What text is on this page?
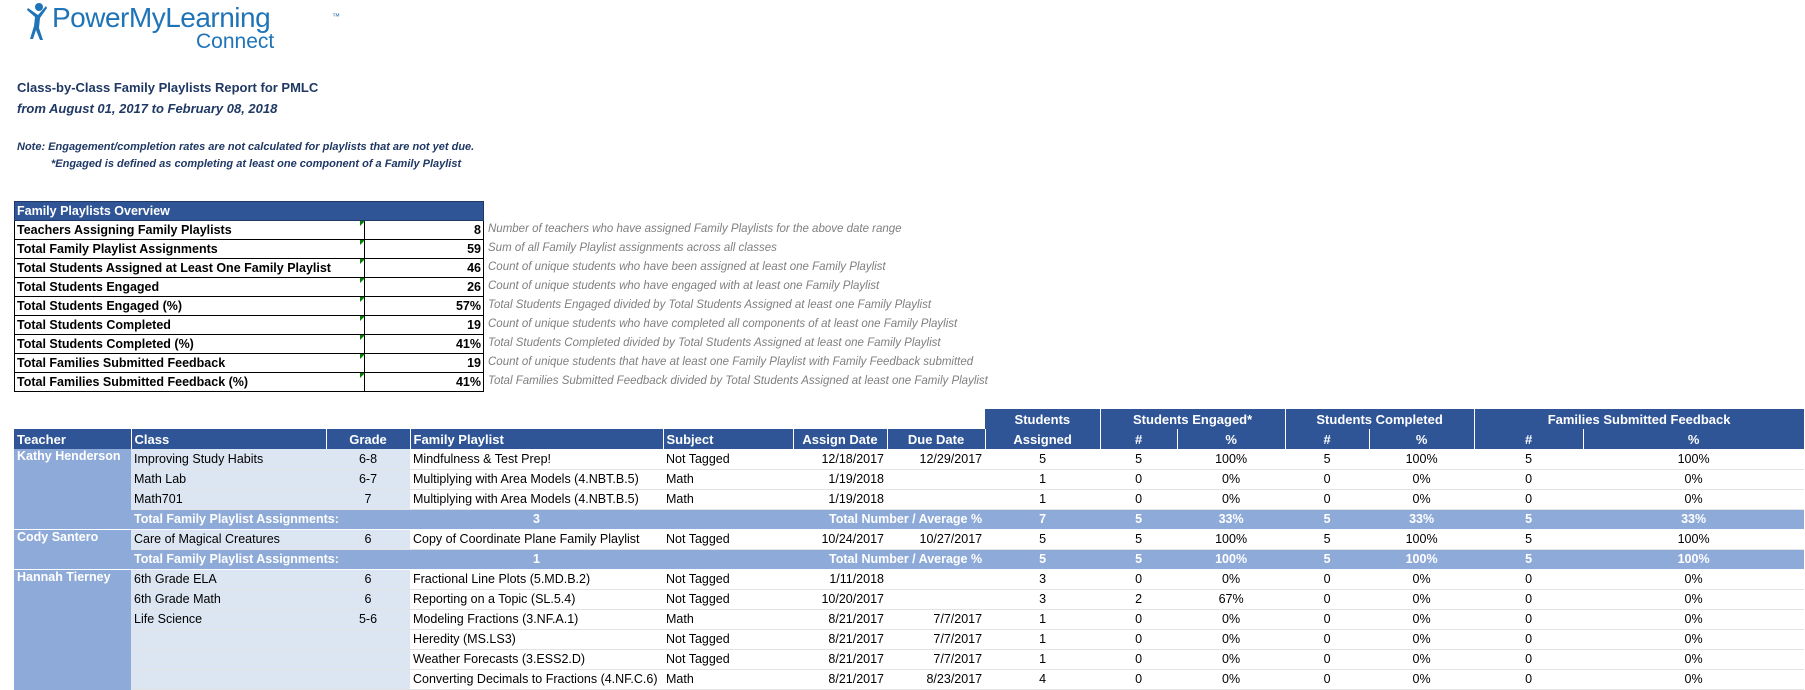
PowerMyLearning
Connect
™
Class-by-Class Family Playlists Report for PMLC
from August 01, 2017 to February 08, 2018
Note: Engagement/completion rates are not calculated for playlists that are not yet due.
*Engaged is defined as completing at least one component of a Family Playlist
Family Playlists Overview	
Teachers Assigning Family Playlists	8
Total Family Playlist Assignments	59
Total Students Assigned at Least One Family Playlist	46
Total Students Engaged	26
Total Students Engaged (%)	57%
Total Students Completed	19
Total Students Completed (%)	41%
Total Families Submitted Feedback	19
Total Families Submitted Feedback (%)	41%
Number of teachers who have assigned Family Playlists for the above date range
Sum of all Family Playlist assignments across all classes
Count of unique students who have been assigned at least one Family Playlist
Count of unique students who have engaged with at least one Family Playlist
Total Students Engaged divided by Total Students Assigned at least one Family Playlist
Count of unique students who have completed all components of at least one Family Playlist
Total Students Completed divided by Total Students Assigned at least one Family Playlist
Count of unique students that have at least one Family Playlist with Family Feedback submitted
Total Families Submitted Feedback divided by Total Students Assigned at least one Family Playlist
							Students	Students Engaged*		Students Completed		Families Submitted Feedback	
Teacher	Class	Grade	Family Playlist	Subject	Assign Date	Due Date	Assigned	#	%	#	%	#	%
Kathy Henderson	Improving Study Habits	6-8	Mindfulness & Test Prep!	Not Tagged	12/18/2017	12/29/2017	5	5	100%	5	100%	5	100%
	Math Lab	6-7	Multiplying with Area Models (4.NBT.B.5)	Math	1/19/2018		1	0	0%	0	0%	0	0%
	Math701	7	Multiplying with Area Models (4.NBT.B.5)	Math	1/19/2018		1	0	0%	0	0%	0	0%
	Total Family Playlist Assignments:		3		Total Number / Average %		7	5	33%	5	33%	5	33%
Cody Santero	Care of Magical Creatures	6	Copy of Coordinate Plane Family Playlist	Not Tagged	10/24/2017	10/27/2017	5	5	100%	5	100%	5	100%
	Total Family Playlist Assignments:		1		Total Number / Average %		5	5	100%	5	100%	5	100%
Hannah Tierney	6th Grade ELA	6	Fractional Line Plots (5.MD.B.2)	Not Tagged	1/11/2018		3	0	0%	0	0%	0	0%
	6th Grade Math	6	Reporting on a Topic (SL.5.4)	Not Tagged	10/20/2017		3	2	67%	0	0%	0	0%
	Life Science	5-6	Modeling Fractions (3.NF.A.1)	Math	8/21/2017	7/7/2017	1	0	0%	0	0%	0	0%
			Heredity (MS.LS3)	Not Tagged	8/21/2017	7/7/2017	1	0	0%	0	0%	0	0%
			Weather Forecasts (3.ESS2.D)	Not Tagged	8/21/2017	7/7/2017	1	0	0%	0	0%	0	0%
			Converting Decimals to Fractions (4.NF.C.6)	Math	8/21/2017	8/23/2017	4	0	0%	0	0%	0	0%
